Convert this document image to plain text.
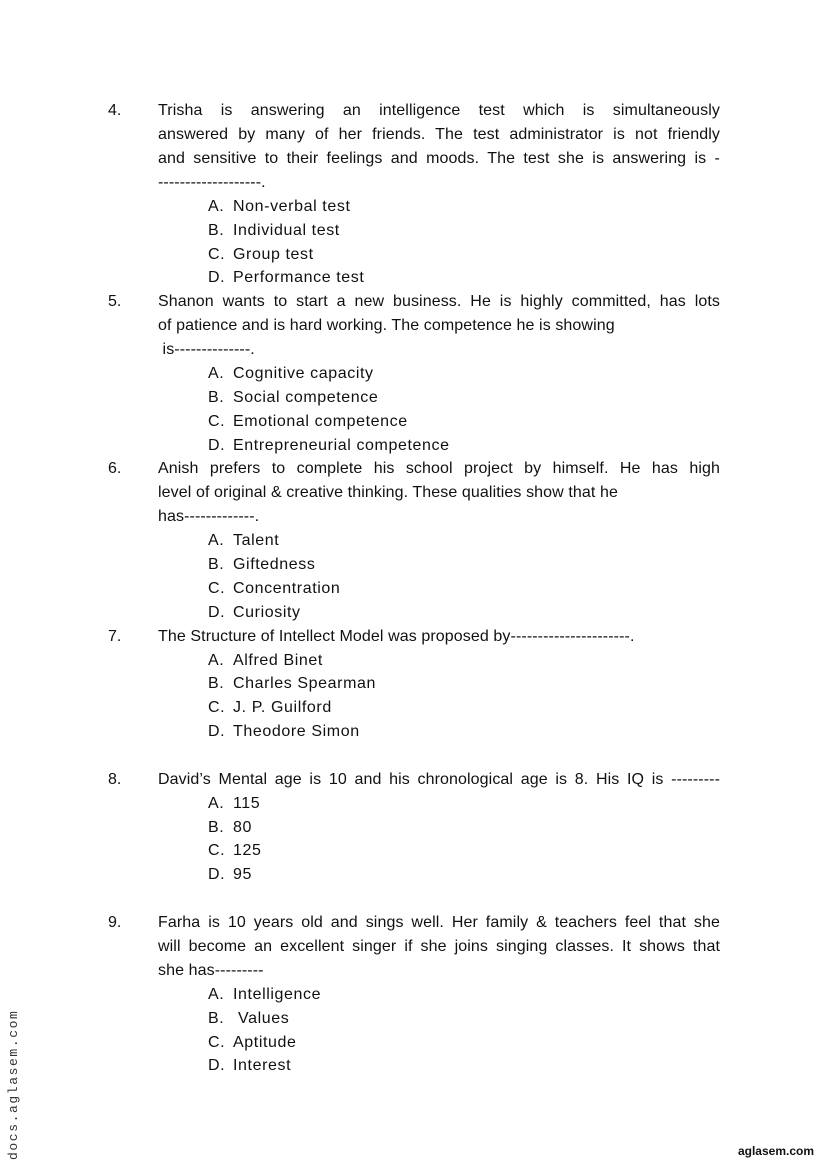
4. Trisha is answering an intelligence test which is simultaneously
answered by many of her friends. The test administrator is not friendly
and sensitive to their feelings and moods. The test she is answering is -
-------------------.
A. Non-verbal test
B. Individual test
C. Group test
D. Performance test
5. Shanon wants to start a new business. He is highly committed, has lots
of patience and is hard working. The competence he is showing
is--------------.
A. Cognitive capacity
B. Social competence
C. Emotional competence
D. Entrepreneurial competence
6. Anish prefers to complete his school project by himself. He has high
level of original & creative thinking. These qualities show that he
has-------------.
A. Talent
B. Giftedness
C. Concentration
D. Curiosity
7. The Structure of Intellect Model was proposed by----------------------.
A. Alfred Binet
B. Charles Spearman
C. J. P. Guilford
D. Theodore Simon
8. David’s Mental age is 10 and his chronological age is 8. His IQ is ---------
A. 115
B. 80
C. 125
D. 95
9. Farha is 10 years old and sings well. Her family & teachers feel that she
will become an excellent singer if she joins singing classes. It shows that
she has---------
A. Intelligence
B. Values
C. Aptitude
D. Interest
docs.aglasem.com	aglasem.com
